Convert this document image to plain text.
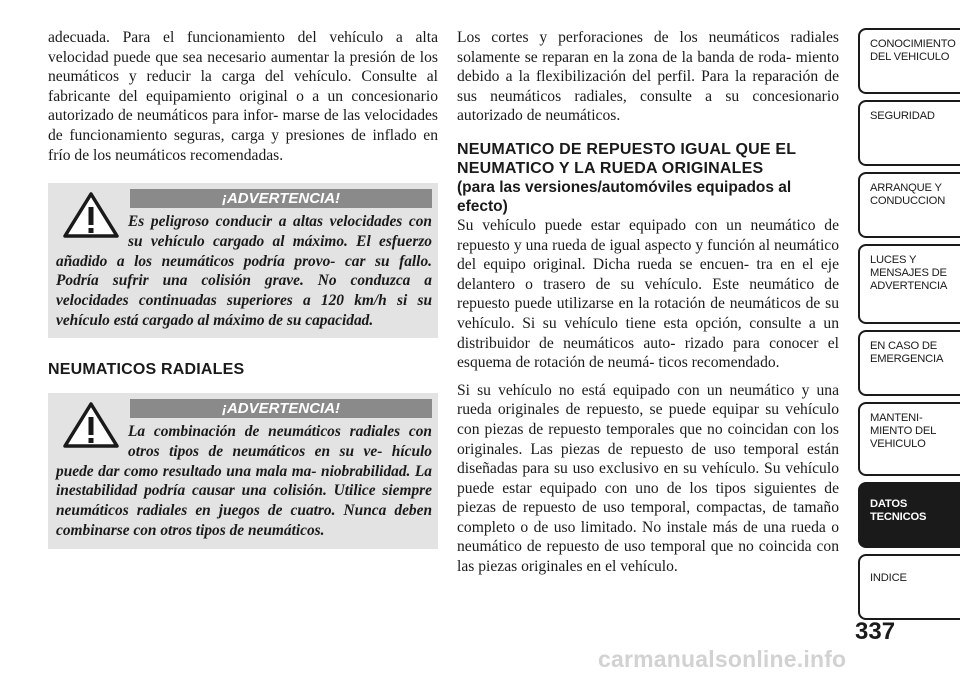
adecuada. Para el funcionamiento del vehículo a alta velocidad puede que sea necesario aumentar la presión de los neumáticos y reducir la carga del vehículo. Consulte al fabricante del equipamiento original o a un concesionario autorizado de neumáticos para infor- marse de las velocidades de funcionamiento seguras, carga y presiones de inflado en frío de los neumáticos recomendadas.

¡ADVERTENCIA!
Es peligroso conducir a altas velocidades con su vehículo cargado al máximo. El esfuerzo añadido a los neumáticos podría provo- car su fallo. Podría sufrir una colisión grave. No conduzca a velocidades continuadas superiores a 120 km/h si su vehículo está cargado al máximo de su capacidad.
NEUMATICOS RADIALES
¡ADVERTENCIA!
La combinación de neumáticos radiales con otros tipos de neumáticos en su ve- hículo puede dar como resultado una mala ma- niobrabilidad. La inestabilidad podría causar una colisión. Utilice siempre neumáticos radiales en juegos de cuatro. Nunca deben combinarse con otros tipos de neumáticos.

Los cortes y perforaciones de los neumáticos radiales solamente se reparan en la zona de la banda de roda- miento debido a la flexibilización del perfil. Para la reparación de sus neumáticos radiales, consulte a su concesionario autorizado de neumáticos.

NEUMATICO DE REPUESTO IGUAL QUE EL NEUMATICO Y LA RUEDA ORIGINALES
(para las versiones/automóviles equipados al efecto)

Su vehículo puede estar equipado con un neumático de repuesto y una rueda de igual aspecto y función al neumático del equipo original. Dicha rueda se encuen- tra en el eje delantero o trasero de su vehículo. Este neumático de repuesto puede utilizarse en la rotación de neumáticos de su vehículo. Si su vehículo tiene esta opción, consulte a un distribuidor de neumáticos auto- rizado para conocer el esquema de rotación de neumá- ticos recomendado.

Si su vehículo no está equipado con un neumático y una rueda originales de repuesto, se puede equipar su vehículo con piezas de repuesto temporales que no coincidan con los originales. Las piezas de repuesto de uso temporal están diseñadas para su uso exclusivo en su vehículo. Su vehículo puede estar equipado con uno de los tipos siguientes de piezas de repuesto de uso temporal, compactas, de tamaño completo o de uso limitado. No instale más de una rueda o neumático de repuesto de uso temporal que no coincida con las piezas originales en el vehículo.

CONOCIMIENTO
DEL VEHICULO
SEGURIDAD
ARRANQUE Y
CONDUCCION
LUCES Y
MENSAJES DE
ADVERTENCIA
EN CASO DE
EMERGENCIA
MANTENI-
MIENTO DEL
VEHICULO
DATOS
TECNICOS
INDICE
337
carmanualsonline.info
